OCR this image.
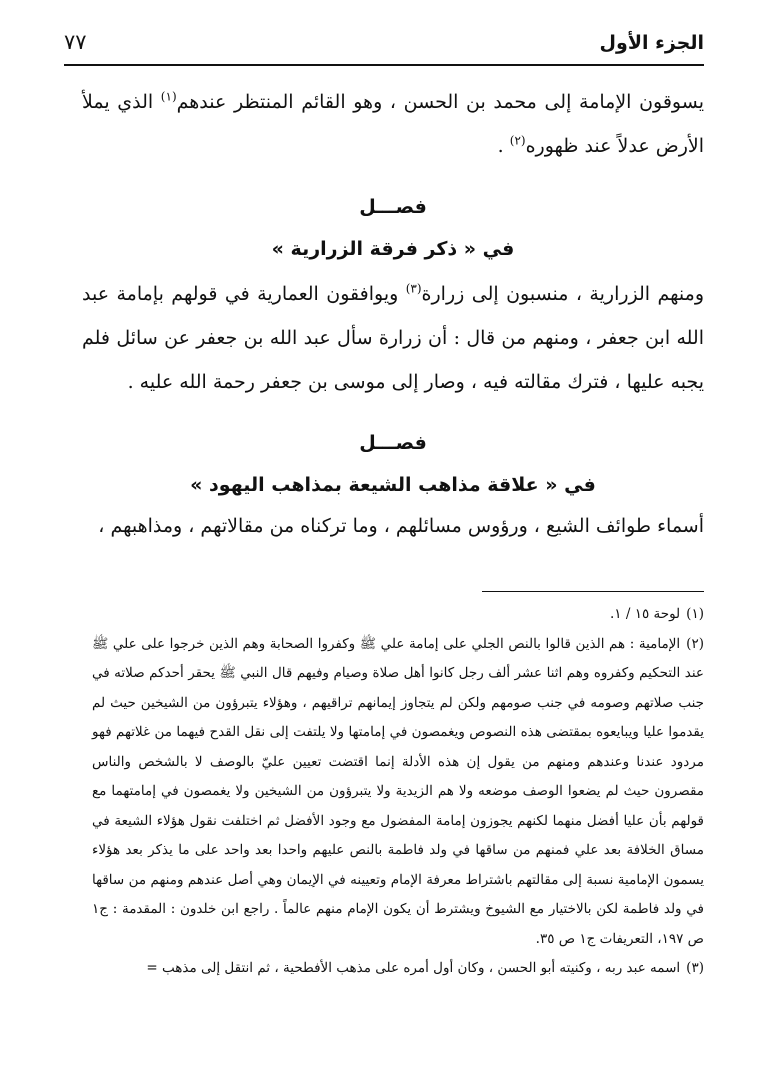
الجزء الأول
٧٧

يسوقون الإمامة إلى محمد بن الحسن ، وهو القائم المنتظر عندهم$^{(١)}$ الذي يملأ الأرض عدلاً عند ظهوره$^{(٢)}$ .

فصـــل

في « ذكر فرقة الزرارية »

ومنهم الزرارية ، منسبون إلى زرارة$^{(٣)}$ ويوافقون العمارية في قولهم بإمامة عبد الله ابن جعفر ، ومنهم من قال : أن زرارة سأل عبد الله بن جعفر عن سائل فلم يجبه عليها ، فترك مقالته فيه ، وصار إلى موسى بن جعفر رحمة الله عليه .

فصـــل

في « علاقة مذاهب الشيعة بمذاهب اليهود »

أسماء طوائف الشيع ، ورؤوس مسائلهم ، وما تركناه من مقالاتهم ، ومذاهبهم ،

(١)لوحة ١٥ / ١.

(٢)الإمامية : هم الذين قالوا بالنص الجلي على إمامة علي ﷺ وكفروا الصحابة وهم الذين خرجوا على علي ﷺ عند التحكيم وكفروه وهم اثنا عشر ألف رجل كانوا أهل صلاة وصيام وفيهم قال النبي ﷺ يحقر أحدكم صلاته في جنب صلاتهم وصومه في جنب صومهم ولكن لم يتجاوز إيمانهم تراقيهم ، وهؤلاء يتبرؤون من الشيخين حيث لم يقدموا عليا ويبايعوه بمقتضى هذه النصوص ويغمصون في إمامتها ولا يلتفت إلى نقل القدح فيهما من غلاتهم فهو مردود عندنا وعندهم ومنهم من يقول إن هذه الأدلة إنما اقتضت تعيين عليّ بالوصف لا بالشخص والناس مقصرون حيث لم يضعوا الوصف موضعه ولا هم الزيدية ولا يتبرؤون من الشيخين ولا يغمصون في إمامتهما مع قولهم بأن عليا أفضل منهما لكنهم يجوزون إمامة المفضول مع وجود الأفضل ثم اختلفت نقول هؤلاء الشيعة في مساق الخلافة بعد علي فمنهم من ساقها في ولد فاطمة بالنص عليهم واحدا بعد واحد على ما يذكر بعد هؤلاء يسمون الإمامية نسبة إلى مقالتهم باشتراط معرفة الإمام وتعيينه في الإيمان وهي أصل عندهم ومنهم من ساقها في ولد فاطمة لكن بالاختيار مع الشيوخ ويشترط أن يكون الإمام منهم عالماً . راجع ابن خلدون : المقدمة : ج١ ص ١٩٧، التعريفات ج١ ص ٣٥.

(٣)اسمه عبد ربه ، وكنيته أبو الحسن ، وكان أول أمره على مذهب الأفطحية ، ثم انتقل إلى مذهب =
